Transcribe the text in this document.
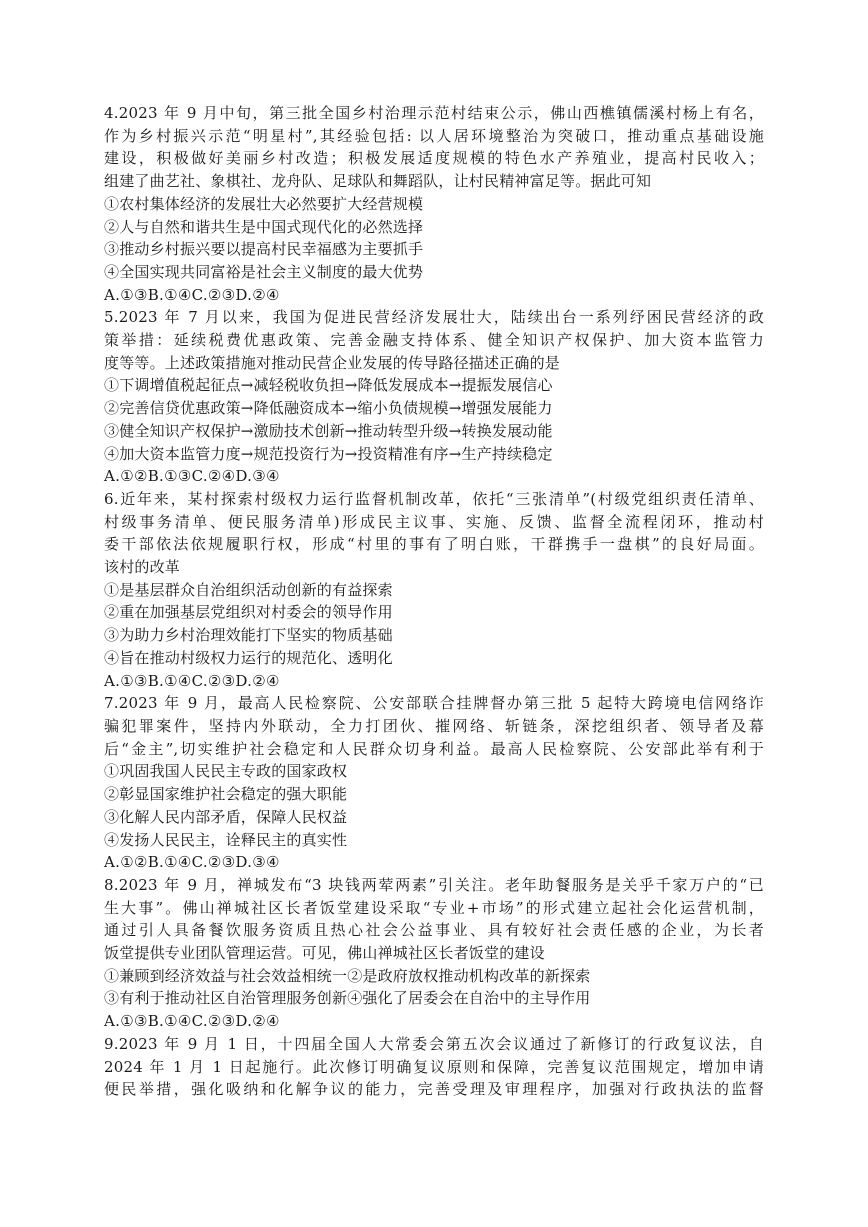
4.2023 年 9 月中旬，第三批全国乡村治理示范村结束公示，佛山西樵镇儒溪村杨上有名，
作为乡村振兴示范“明星村”,其经验包括: 以人居环境整治为突破口，推动重点基础设施
建设，积极做好美丽乡村改造；积极发展适度规模的特色水产养殖业，提高村民收入；
组建了曲艺社、象棋社、龙舟队、足球队和舞蹈队，让村民精神富足等。据此可知
①农村集体经济的发展壮大必然要扩大经营规模
②人与自然和谐共生是中国式现代化的必然选择
③推动乡村振兴要以提高村民幸福感为主要抓手
④全国实现共同富裕是社会主义制度的最大优势
A.①③B.①④C.②③D.②④
5.2023 年 7 月以来，我国为促进民营经济发展壮大，陆续出台一系列纾困民营经济的政
策举措：延续税费优惠政策、完善金融支持体系、健全知识产权保护、加大资本监管力
度等等。上述政策措施对推动民营企业发展的传导路径描述正确的是
①下调增值税起征点→减轻税收负担→降低发展成本→提振发展信心
②完善信贷优惠政策→降低融资成本→缩小负债规模→增强发展能力
③健全知识产权保护→激励技术创新→推动转型升级→转换发展动能
④加大资本监管力度→规范投资行为→投资精准有序→生产持续稳定
A.①②B.①③C.②④D.③④
6.近年来，某村探索村级权力运行监督机制改革，依托“三张清单”(村级党组织责任清单、
村级事务清单、便民服务清单)形成民主议事、实施、反馈、监督全流程闭环，推动村
委干部依法依规履职行权，形成“村里的事有了明白账，干群携手一盘棋”的良好局面。
该村的改革
①是基层群众自治组织活动创新的有益探索
②重在加强基层党组织对村委会的领导作用
③为助力乡村治理效能打下坚实的物质基础
④旨在推动村级权力运行的规范化、透明化
A.①③B.①④C.②③D.②④
7.2023 年 9 月，最高人民检察院、公安部联合挂牌督办第三批 5 起特大跨境电信网络诈
骗犯罪案件，坚持内外联动，全力打团伙、摧网络、斩链条，深挖组织者、领导者及幕
后“金主”,切实维护社会稳定和人民群众切身利益。最高人民检察院、公安部此举有利于
①巩固我国人民民主专政的国家政权
②彰显国家维护社会稳定的强大职能
③化解人民内部矛盾，保障人民权益
④发扬人民民主，诠释民主的真实性
A.①②B.①④C.②③D.③④
8.2023 年 9 月，禅城发布“3 块钱两荤两素”引关注。老年助餐服务是关乎千家万户的“已
生大事”。佛山禅城社区长者饭堂建设采取“专业+市场”的形式建立起社会化运营机制，
通过引人具备餐饮服务资质且热心社会公益事业、具有较好社会责任感的企业，为长者
饭堂提供专业团队管理运营。可见，佛山禅城社区长者饭堂的建设
①兼顾到经济效益与社会效益相统一②是政府放权推动机构改革的新探索
③有利于推动社区自治管理服务创新④强化了居委会在自治中的主导作用
A.①③B.①④C.②③D.②④
9.2023 年 9 月 1 日，十四届全国人大常委会第五次会议通过了新修订的行政复议法，自
2024 年 1 月 1 日起施行。此次修订明确复议原则和保障，完善复议范围规定，增加申请
便民举措，强化吸纳和化解争议的能力，完善受理及审理程序，加强对行政执法的监督
